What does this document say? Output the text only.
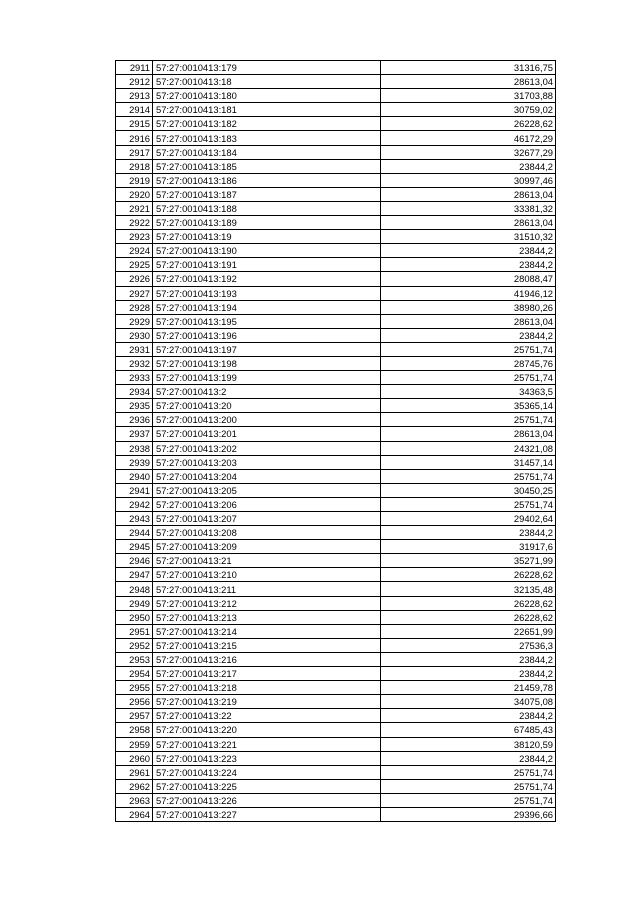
2911	57:27:0010413:179	31316,75
2912	57:27:0010413:18	28613,04
2913	57:27:0010413:180	31703,88
2914	57:27:0010413:181	30759,02
2915	57:27:0010413:182	26228,62
2916	57:27:0010413:183	46172,29
2917	57:27:0010413:184	32677,29
2918	57:27:0010413:185	23844,2
2919	57:27:0010413:186	30997,46
2920	57:27:0010413:187	28613,04
2921	57:27:0010413:188	33381,32
2922	57:27:0010413:189	28613,04
2923	57:27:0010413:19	31510,32
2924	57:27:0010413:190	23844,2
2925	57:27:0010413:191	23844,2
2926	57:27:0010413:192	28088,47
2927	57:27:0010413:193	41946,12
2928	57:27:0010413:194	38980,26
2929	57:27:0010413:195	28613,04
2930	57:27:0010413:196	23844,2
2931	57:27:0010413:197	25751,74
2932	57:27:0010413:198	28745,76
2933	57:27:0010413:199	25751,74
2934	57:27:0010413:2	34363,5
2935	57:27:0010413:20	35365,14
2936	57:27:0010413:200	25751,74
2937	57:27:0010413:201	28613,04
2938	57:27:0010413:202	24321,08
2939	57:27:0010413:203	31457,14
2940	57:27:0010413:204	25751,74
2941	57:27:0010413:205	30450,25
2942	57:27:0010413:206	25751,74
2943	57:27:0010413:207	29402,64
2944	57:27:0010413:208	23844,2
2945	57:27:0010413:209	31917,6
2946	57:27:0010413:21	35271,99
2947	57:27:0010413:210	26228,62
2948	57:27:0010413:211	32135,48
2949	57:27:0010413:212	26228,62
2950	57:27:0010413:213	26228,62
2951	57:27:0010413:214	22651,99
2952	57:27:0010413:215	27536,3
2953	57:27:0010413:216	23844,2
2954	57:27:0010413:217	23844,2
2955	57:27:0010413:218	21459,78
2956	57:27:0010413:219	34075,08
2957	57:27:0010413:22	23844,2
2958	57:27:0010413:220	67485,43
2959	57:27:0010413:221	38120,59
2960	57:27:0010413:223	23844,2
2961	57:27:0010413:224	25751,74
2962	57:27:0010413:225	25751,74
2963	57:27:0010413:226	25751,74
2964	57:27:0010413:227	29396,66
